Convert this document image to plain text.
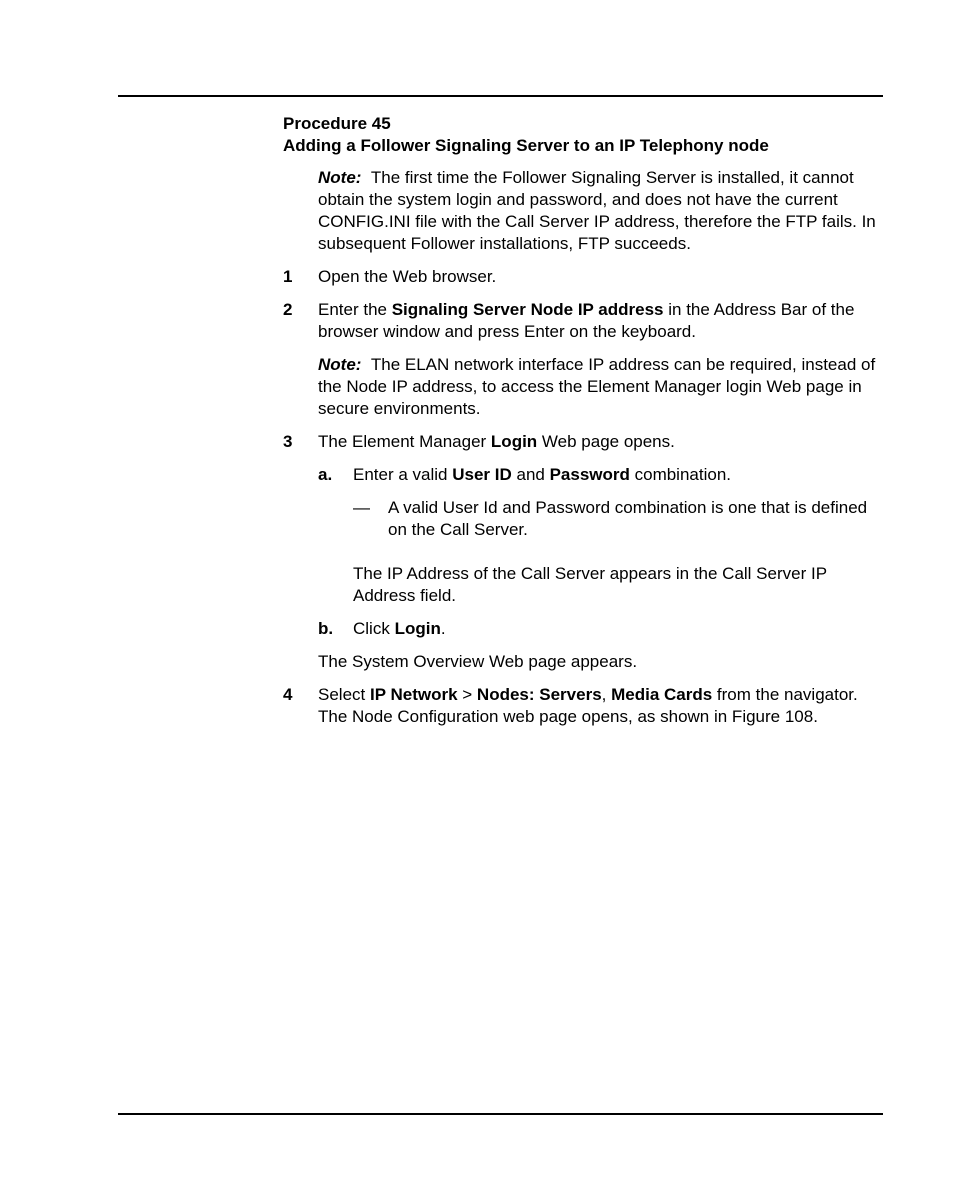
Procedure 45
Adding a Follower Signaling Server to an IP Telephony node
Note: The first time the Follower Signaling Server is installed, it cannot obtain the system login and password, and does not have the current CONFIG.INI file with the Call Server IP address, therefore the FTP fails. In subsequent Follower installations, FTP succeeds.
1	Open the Web browser.
2	Enter the Signaling Server Node IP address in the Address Bar of the browser window and press Enter on the keyboard.
Note: The ELAN network interface IP address can be required, instead of the Node IP address, to access the Element Manager login Web page in secure environments.
3	The Element Manager Login Web page opens.
a.	Enter a valid User ID and Password combination.
—	A valid User Id and Password combination is one that is defined on the Call Server.
The IP Address of the Call Server appears in the Call Server IP Address field.
b.	Click Login.
The System Overview Web page appears.
4	Select IP Network > Nodes: Servers, Media Cards from the navigator. The Node Configuration web page opens, as shown in Figure 108.
